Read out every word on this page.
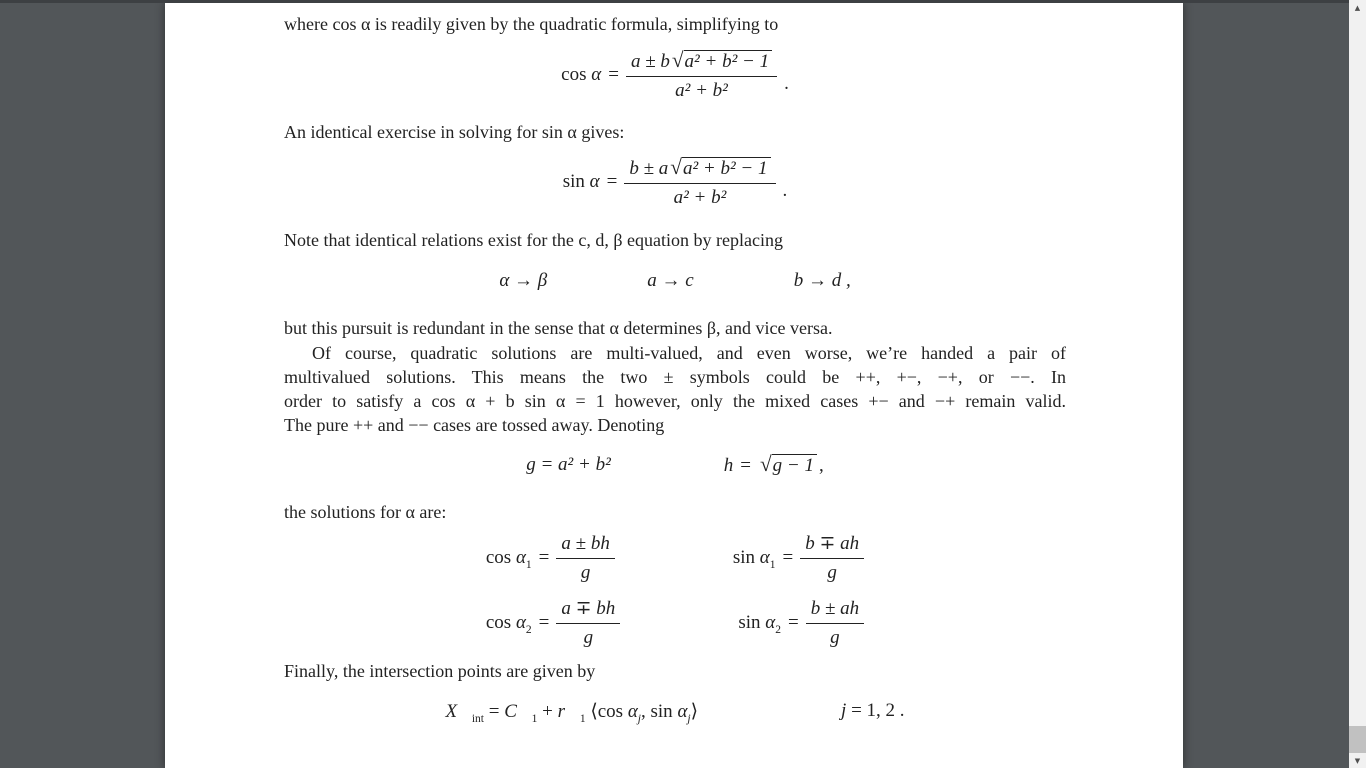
where cos α is readily given by the quadratic formula, simplifying to
$\cos \alpha = \frac{\text{a ± b√a² + b² − 1}}{\text{a² + b²}}$ .
An identical exercise in solving for sin α gives:
$\sin \alpha = \frac{\text{b ± a√a² + b² − 1}}{\text{a² + b²}}$ .
Note that identical relations exist for the c, d, β equation by replacing
α → β	a → c	b → d ,
but this pursuit is redundant in the sense that α determines β, and vice versa.
Of course, quadratic solutions are multi-valued, and even worse, we’re handed a pair of
multivalued solutions. This means the two ± symbols could be ++, +−, −+, or −−. In
order to satisfy a cos α + b sin α = 1 however, only the mixed cases +− and −+ remain valid.
The pure ++ and −− cases are tossed away. Denoting
g = a² + b²	h = √g − 1 ,
the solutions for α are:
$\cos \alpha_1 = \frac{a \pm bh}{g}$	$\sin \alpha_1 = \frac{b \mp ah}{g}$
$\cos \alpha_2 = \frac{a \mp bh}{g}$	$\sin \alpha_2 = \frac{b \pm ah}{g}$
Finally, the intersection points are given by
$X⃗_{int}$ = $C⃗_1$ + $r⃗_1$ ⟨cos $\alpha_j$, $\sin \alpha_j⟩$	j = 1, 2 .
▲
▼
